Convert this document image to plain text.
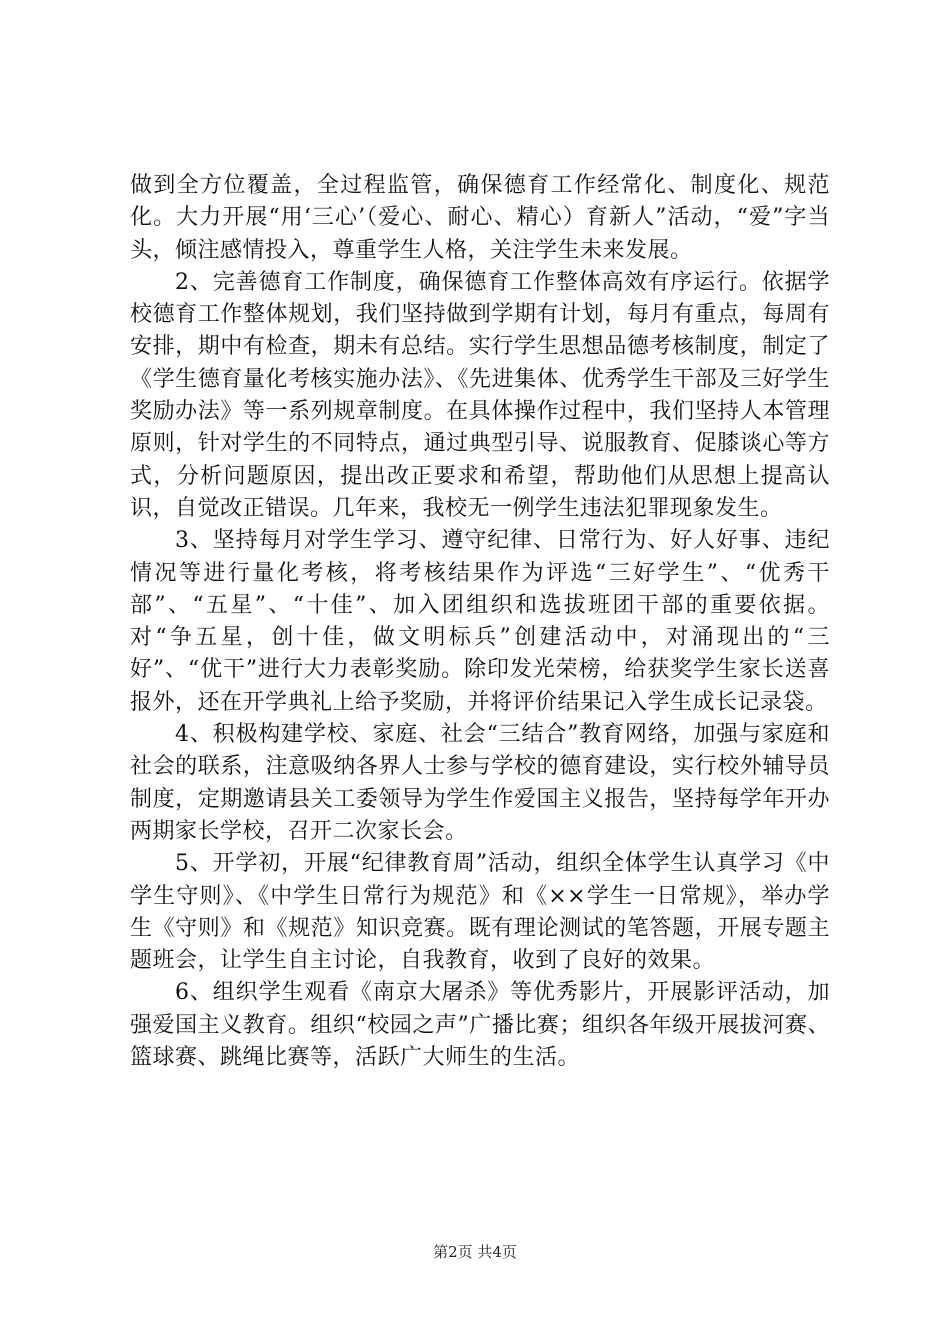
做到全方位覆盖，全过程监管，确保德育工作经常化、制度化、规范化。大力开展“用‘三心’（爱心、耐心、精心）育新人”活动，“爱”字当头，倾注感情投入，尊重学生人格，关注学生未来发展。

2、完善德育工作制度，确保德育工作整体高效有序运行。依据学校德育工作整体规划，我们坚持做到学期有计划，每月有重点，每周有安排，期中有检查，期未有总结。实行学生思想品德考核制度，制定了《学生德育量化考核实施办法》、《先进集体、优秀学生干部及三好学生奖励办法》等一系列规章制度。在具体操作过程中，我们坚持人本管理原则，针对学生的不同特点，通过典型引导、说服教育、促膝谈心等方式，分析问题原因，提出改正要求和希望，帮助他们从思想上提高认识，自觉改正错误。几年来，我校无一例学生违法犯罪现象发生。

3、坚持每月对学生学习、遵守纪律、日常行为、好人好事、违纪情况等进行量化考核，将考核结果作为评选“三好学生”、“优秀干部”、“五星”、“十佳”、加入团组织和选拔班团干部的重要依据。对“争五星，创十佳，做文明标兵”创建活动中，对涌现出的“三好”、“优干”进行大力表彰奖励。除印发光荣榜，给获奖学生家长送喜报外，还在开学典礼上给予奖励，并将评价结果记入学生成长记录袋。

4、积极构建学校、家庭、社会“三结合”教育网络，加强与家庭和社会的联系，注意吸纳各界人士参与学校的德育建设，实行校外辅导员制度，定期邀请县关工委领导为学生作爱国主义报告，坚持每学年开办两期家长学校，召开二次家长会。

5、开学初，开展“纪律教育周”活动，组织全体学生认真学习《中学生守则》、《中学生日常行为规范》和《××学生一日常规》，举办学生《守则》和《规范》知识竞赛。既有理论测试的笔答题，开展专题主题班会，让学生自主讨论，自我教育，收到了良好的效果。

6、组织学生观看《南京大屠杀》等优秀影片，开展影评活动，加强爱国主义教育。组织“校园之声”广播比赛；组织各年级开展拔河赛、篮球赛、跳绳比赛等，活跃广大师生的生活。

第2页 共4页
